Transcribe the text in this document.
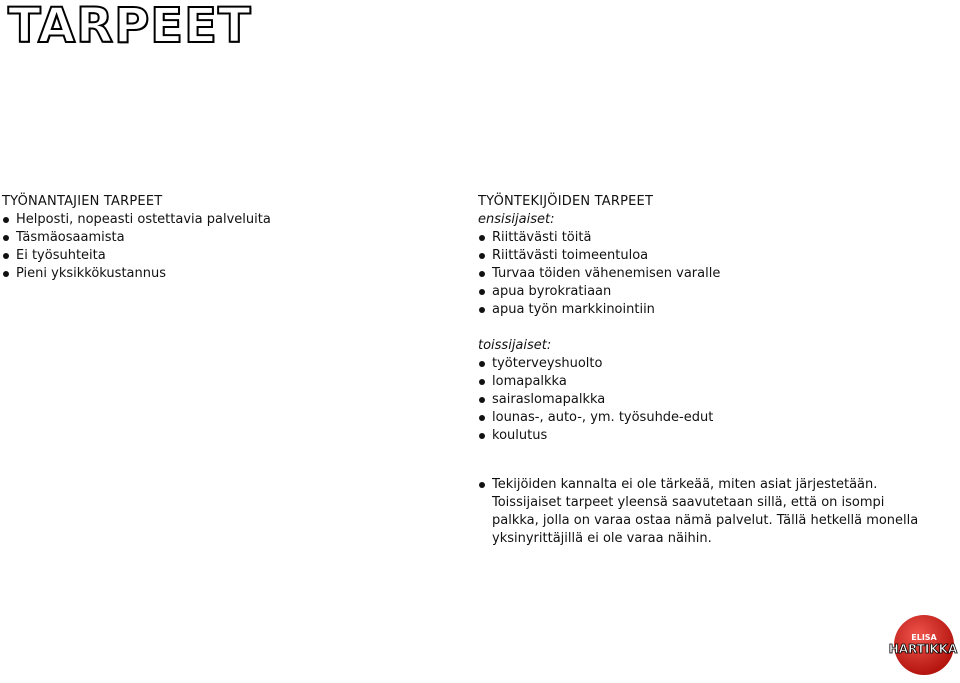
TARPEET
TYÖNANTAJIEN TARPEET
Helposti, nopeasti ostettavia palveluita
Täsmäosaamista
Ei työsuhteita
Pieni yksikkökustannus
TYÖNTEKIJÖIDEN TARPEET
ensisijaiset:
Riittävästi töitä
Riittävästi toimeentuloa
Turvaa töiden vähenemisen varalle
apua byrokratiaan
apua työn markkinointiin
toissijaiset:
työterveyshuolto
lomapalkka
sairaslomapalkka
lounas-, auto-, ym. työsuhde-edut
koulutus

Tekijöiden kannalta ei ole tärkeää, miten asiat järjestetään. Toissijaiset tarpeet yleensä saavutetaan sillä, että on isompi palkka, jolla on varaa ostaa nämä palvelut. Tällä hetkellä monella yksinyrittäjillä ei ole varaa näihin.

ELISA
HARTIKKA
